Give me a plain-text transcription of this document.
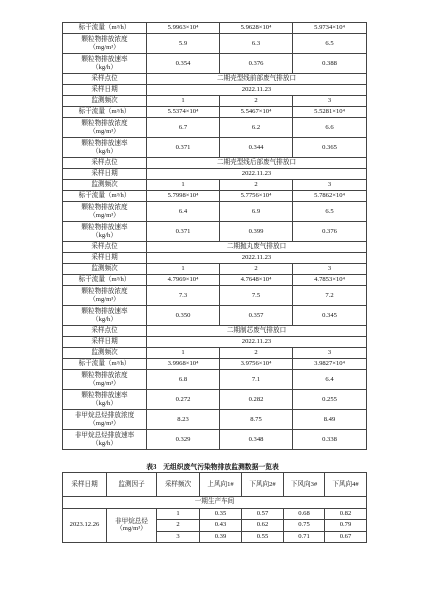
标干流量（m³/h）	5.9963×10⁴	5.9628×10⁴	5.9734×10⁴
颗粒物排放浓度
（mg/m³）	5.9	6.3	6.5
颗粒物排放速率
（kg/h）	0.354	0.376	0.388
采样点位	二期壳型线前部废气排放口		
采样日期	2022.11.23		
监测频次	1	2	3
标干流量（m³/h）	5.5374×10⁴	5.5467×10⁴	5.5281×10⁴
颗粒物排放浓度
（mg/m³）	6.7	6.2	6.6
颗粒物排放速率
（kg/h）	0.371	0.344	0.365
采样点位	二期壳型线后部废气排放口		
采样日期	2022.11.23		
监测频次	1	2	3
标干流量（m³/h）	5.7998×10⁴	5.7756×10⁴	5.7862×10⁴
颗粒物排放浓度
（mg/m³）	6.4	6.9	6.5
颗粒物排放速率
（kg/h）	0.371	0.399	0.376
采样点位	二期抛丸废气排放口		
采样日期	2022.11.23		
监测频次	1	2	3
标干流量（m³/h）	4.7969×10⁴	4.7648×10⁴	4.7853×10⁴
颗粒物排放浓度
（mg/m³）	7.3	7.5	7.2
颗粒物排放速率
（kg/h）	0.350	0.357	0.345
采样点位	二期制芯废气排放口		
采样日期	2022.11.23		
监测频次	1	2	3
标干流量（m³/h）	3.9968×10⁴	3.9756×10⁴	3.9827×10⁴
颗粒物排放浓度
（mg/m³）	6.8	7.1	6.4
颗粒物排放速率
（kg/h）	0.272	0.282	0.255
非甲烷总烃排放浓度
（mg/m³）	8.23	8.75	8.49
非甲烷总烃排放速率
（kg/h）	0.329	0.348	0.338
表3　无组织废气污染物排放监测数据一览表
采样日期	监测因子	采样频次	上风向1#	下风向2#	下风向3#	下风向4#
一期生产车间						
2023.12.26	非甲烷总烃
（mg/m³）	1	0.35	0.57	0.68	0.82
		2	0.43	0.62	0.75	0.79
		3	0.39	0.55	0.71	0.67
